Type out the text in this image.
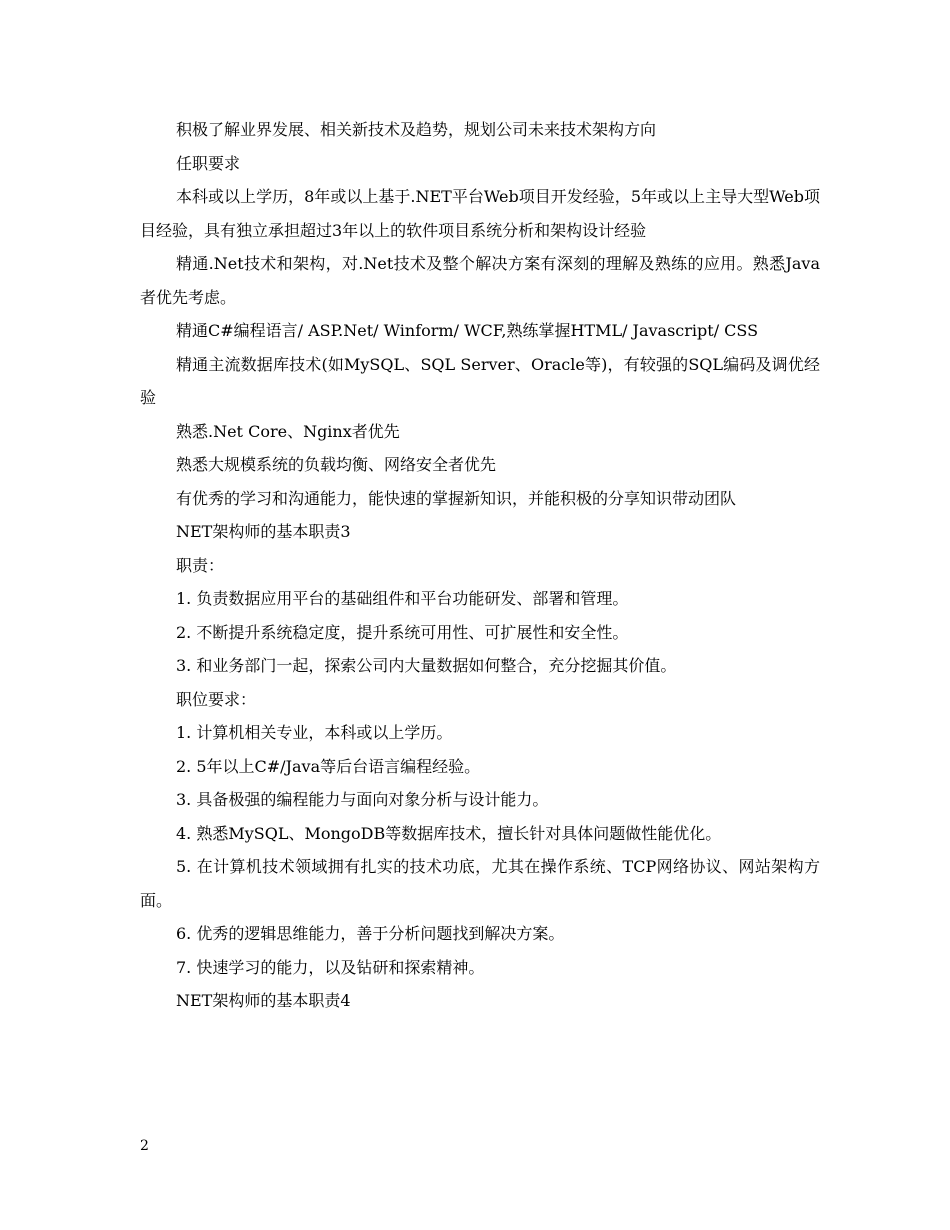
积极了解业界发展、相关新技术及趋势，规划公司未来技术架构方向

任职要求

本科或以上学历，8年或以上基于.NET平台Web项目开发经验，5年或以上主导大型Web项目经验，具有独立承担超过3年以上的软件项目系统分析和架构设计经验

精通.Net技术和架构，对.Net技术及整个解决方案有深刻的理解及熟练的应用。熟悉Java者优先考虑。

精通C#编程语言/ ASP.Net/ Winform/ WCF,熟练掌握HTML/ Javascript/ CSS

精通主流数据库技术(如MySQL、SQL Server、Oracle等)，有较强的SQL编码及调优经验

熟悉.Net Core、Nginx者优先

熟悉大规模系统的负载均衡、网络安全者优先

有优秀的学习和沟通能力，能快速的掌握新知识，并能积极的分享知识带动团队

NET架构师的基本职责3

职责：

1. 负责数据应用平台的基础组件和平台功能研发、部署和管理。

2. 不断提升系统稳定度，提升系统可用性、可扩展性和安全性。

3. 和业务部门一起，探索公司内大量数据如何整合，充分挖掘其价值。

职位要求：

1. 计算机相关专业，本科或以上学历。

2. 5年以上C#/Java等后台语言编程经验。

3. 具备极强的编程能力与面向对象分析与设计能力。

4. 熟悉MySQL、MongoDB等数据库技术，擅长针对具体问题做性能优化。

5. 在计算机技术领域拥有扎实的技术功底，尤其在操作系统、TCP网络协议、网站架构方面。

6. 优秀的逻辑思维能力，善于分析问题找到解决方案。

7. 快速学习的能力，以及钻研和探索精神。

NET架构师的基本职责4

2
